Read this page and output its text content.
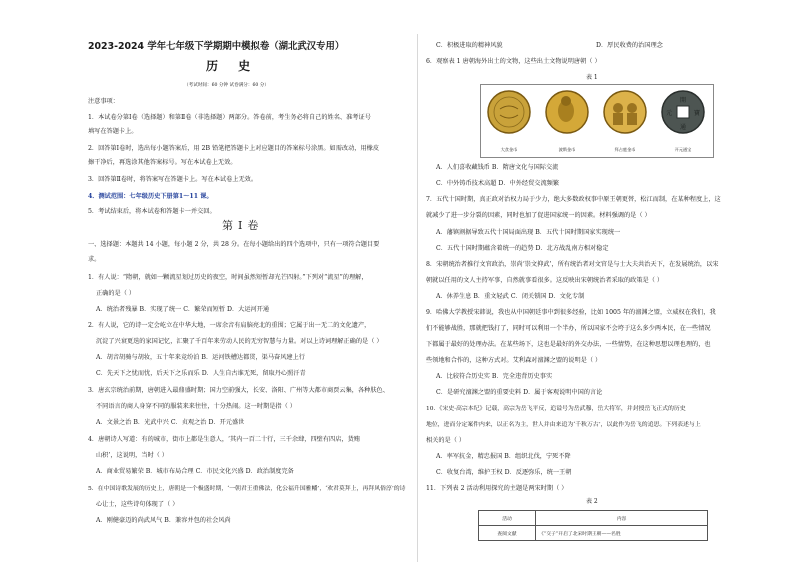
2023-2024 学年七年级下学期期中模拟卷（湖北武汉专用）
历 史
（考试时间：60 分钟 试卷满分：60 分）
注意事项：
1．本试卷分第Ⅰ卷（选择题）和第Ⅱ卷（非选择题）两部分。答卷前，考生务必将自己的姓名、准考证号
填写在答题卡上。
2．回答第Ⅰ卷时，选出每小题答案后，用 2B 铅笔把答题卡上对应题目的答案标号涂黑。如需改动，用橡皮
擦干净后，再选涂其他答案标号。写在本试卷上无效。
3．回答第Ⅱ卷时，将答案写在答题卡上。写在本试卷上无效。
4．测试范围：七年级历史下册第1～11 课。
5．考试结束后，将本试卷和答题卡一并交回。
第Ⅰ卷
一、选择题：本题共 14 小题，每小题 2 分，共 28 分。在每小题给出的四个选项中，只有一项符合题目要
求。
1．有人说：“隋朝，就如一颗流星划过历史的夜空，时间虽然短暂却光芒四射。”下列对“流星”的理解，
正确的是（ ）
A．统治者残暴 B．实现了统一 C．繁荣而短暂 D．大运河开通
2．有人说，它的诗一定会屹立在中华大地，一席余音有肩脑亮北的重围；它属于出一无二的文化遗产，
沉淀了兴衰更迭的家国记忆，汇聚了千百年来劳动人民的无穷智慧与力量。对以上诗词理解正确的是（ ）
A．胡音胡骑与胡妆，五十年来竞纷泊 B．运河铁槽达都贯，渠马奋风建上行
C．先天下之忧而忧，后天下之乐而乐 D．人生自古谁无死，留取丹心照汗青
3．唐玄宗统治前期，唐朝进入最鼎盛时期；国力空前强大，长安、洛阳、广州等大都市商贾云集，各种肤色、
不同语言的商人身穿不同的服装来来往往，十分热闹。这一时期是指（ ）
A．文景之治 B．光武中兴 C．贞观之治 D．开元盛世
4．唐朝诗人写道：有的城市，街市上都是生意人，‘其内一百二十行，三千余肆，四壁有四店，货贿
山积’，这说明，当时（ ）
A．商业贸易繁荣 B．城市布局合理 C．市民文化兴盛 D．政治制度完备
5．在中国诗歌发展的历史上，唐朝是一个极盛时期，‘一朝君王重佛法，化公福升国雅幡’，‘欢君莫拜上，再拜风俗淳’的诗
心让士，这些诗句体现了（ ）
A．刚健豪迈的尚武风气 B．兼容并包的社会风尚
C．积极进取的精神风貌	D．厚民收费的治国理念
6．观察表 1 唐朝海外出土的文物，这些出土文物说明唐朝（ ）
表 1
大食金币	波斯金币	拜占庭金币
開
通
元	寶
开元通宝
A．人们喜收藏钱币 B．隋唐文化与国际交流
C．中外铸币技术高超 D．中外经贸交流频繁
7．五代十国时期，真正政对治权力局于少力，绝大多数政权事中原王朝更替，松江而制，在某种程度上，这
就减少了进一步分裂的因素，同时也加了促进国家统一的因素。材料强调的是（ ）
A．藩镇割据导致五代十国局面出现 B．五代十国时期国家实现统一
C．五代十国时期蕴含着统一的趋势 D．北方战乱南方相对稳定
8．宋朝统治者推行文官政治，崇尚‘崇文抑武’，所有统治者对文官是与士大夫共治天下，在发展统治，以宋
朝就以任用的文人主持军事，自然就事看很多。这反映出宋朝统治者采取的政策是（ ）
A．休养生息 B．重文轻武 C．闭关锁国 D．文化专制
9．哈佛大学教授宋韩说，我也从中国朝廷事中到很多经验，比如 1005 年的澶渊之盟，立威权在我们，我
们不能够战胜，那就把钱打了，同时可以利用一个半办，所以国家不会垮于这么多少两本民，在一些情况
下都属于最好的处理办法。在某些场下，这也是最好的外交办法，一些情势，在这种思想以理也理的，也
些领地和合作的，这种方式对。艾利森对澶渊之盟的说明是（ ）
A．比较符合历史实 B．完全违背历史事实
C．是研究澶渊之盟的重要史料 D．属于客观说明中国的言论
10．《宋史·高宗本纪》记载，高宗为岳飞平反，追谥号为岳武穆，岳大将军，并封授岳飞正式的历史
地位，进而分定案件内来，以正名为主，世人并由来追为‘千秋万古’，以此作为岳飞的追思。下列表述与上
相关的是（ ）
A．率军抗金，精忠报国 B．组织北伐，宁死不降
C．收复台湾，维护王权 D．反逐弥乐，统一王朝
11．下列表 2 活动利用探究的主题是两宋时期（ ）
表 2
活动	内容
查阅文献	《“交子”开启了北宋时期王朝——名胜
